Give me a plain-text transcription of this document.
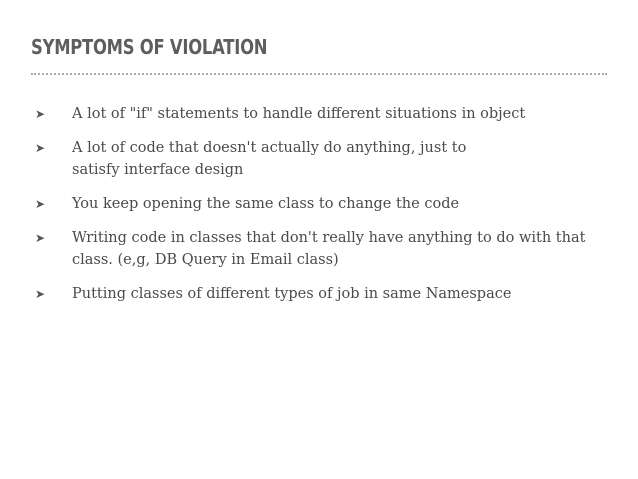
SYMPTOMS OF VIOLATION
➤	A lot of "if" statements to handle different situations in object
➤	A lot of code that doesn't actually do anything, just to satisfy interface design
➤	You keep opening the same class to change the code
➤	Writing code in classes that don't really have anything to do with that class. (e,g, DB Query in Email class)
➤	Putting classes of different types of job in same Namespace
